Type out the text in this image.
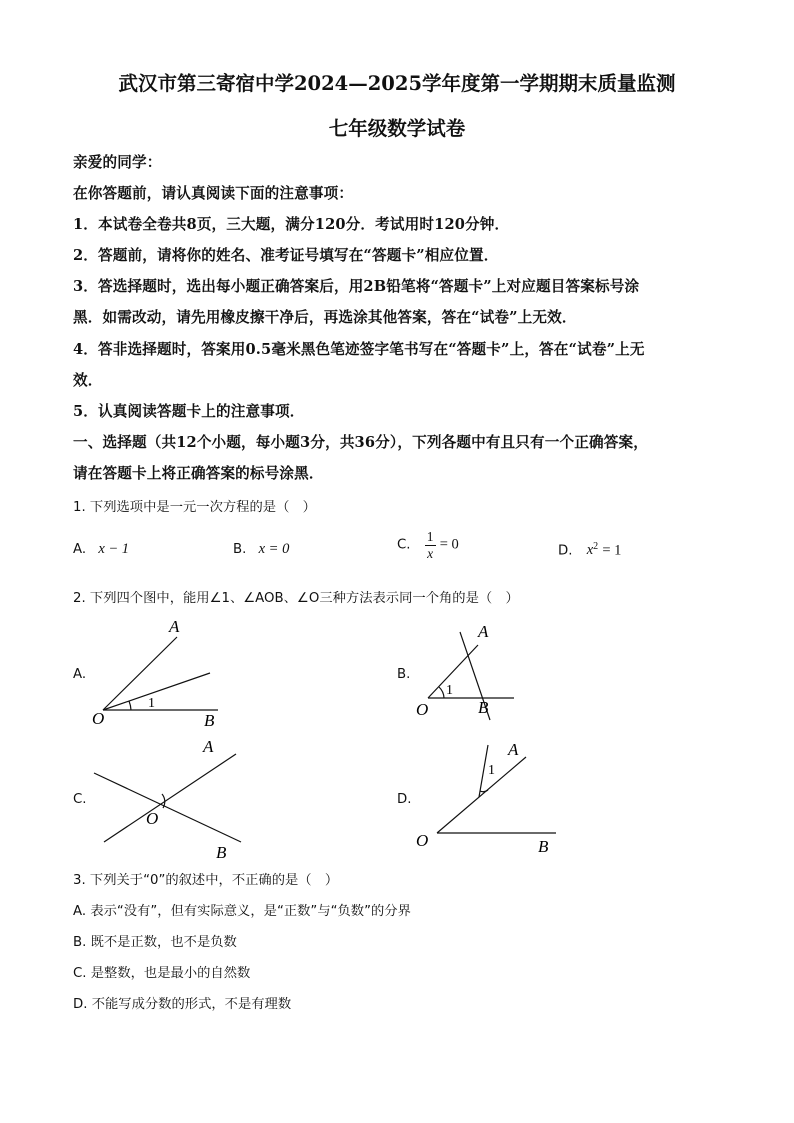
武汉市第三寄宿中学2024—2025学年度第一学期期末质量监测
七年级数学试卷
亲爱的同学：
在你答题前，请认真阅读下面的注意事项：
1．本试卷全卷共8页，三大题，满分120分．考试用时120分钟．
2．答题前，请将你的姓名、准考证号填写在“答题卡”相应位置．
3．答选择题时，选出每小题正确答案后，用2B铅笔将“答题卡”上对应题目答案标号涂
黑．如需改动，请先用橡皮擦干净后，再选涂其他答案，答在“试卷”上无效．
4．答非选择题时，答案用0.5毫米黑色笔迹签字笔书写在“答题卡”上，答在“试卷”上无
效．
5．认真阅读答题卡上的注意事项．
一、选择题（共12个小题，每小题3分，共36分），下列各题中有且只有一个正确答案，
请在答题卡上将正确答案的标号涂黑．
1. 下列选项中是一元一次方程的是（　）
A. x − 1	B. x = 0	C. $\frac{1}{x} = 0$	D. $x^2 = 1$
2. 下列四个图中，能用∠1、∠AOB、∠O三种方法表示同一个角的是（　）
A.	B.
C.	D.
A
O	B
1
A
O	B
1
A
O
B
A
O	B
1
3. 下列关于“0”的叙述中，不正确的是（　）
A. 表示“没有”，但有实际意义，是“正数”与“负数”的分界
B. 既不是正数，也不是负数
C. 是整数，也是最小的自然数
D. 不能写成分数的形式，不是有理数
